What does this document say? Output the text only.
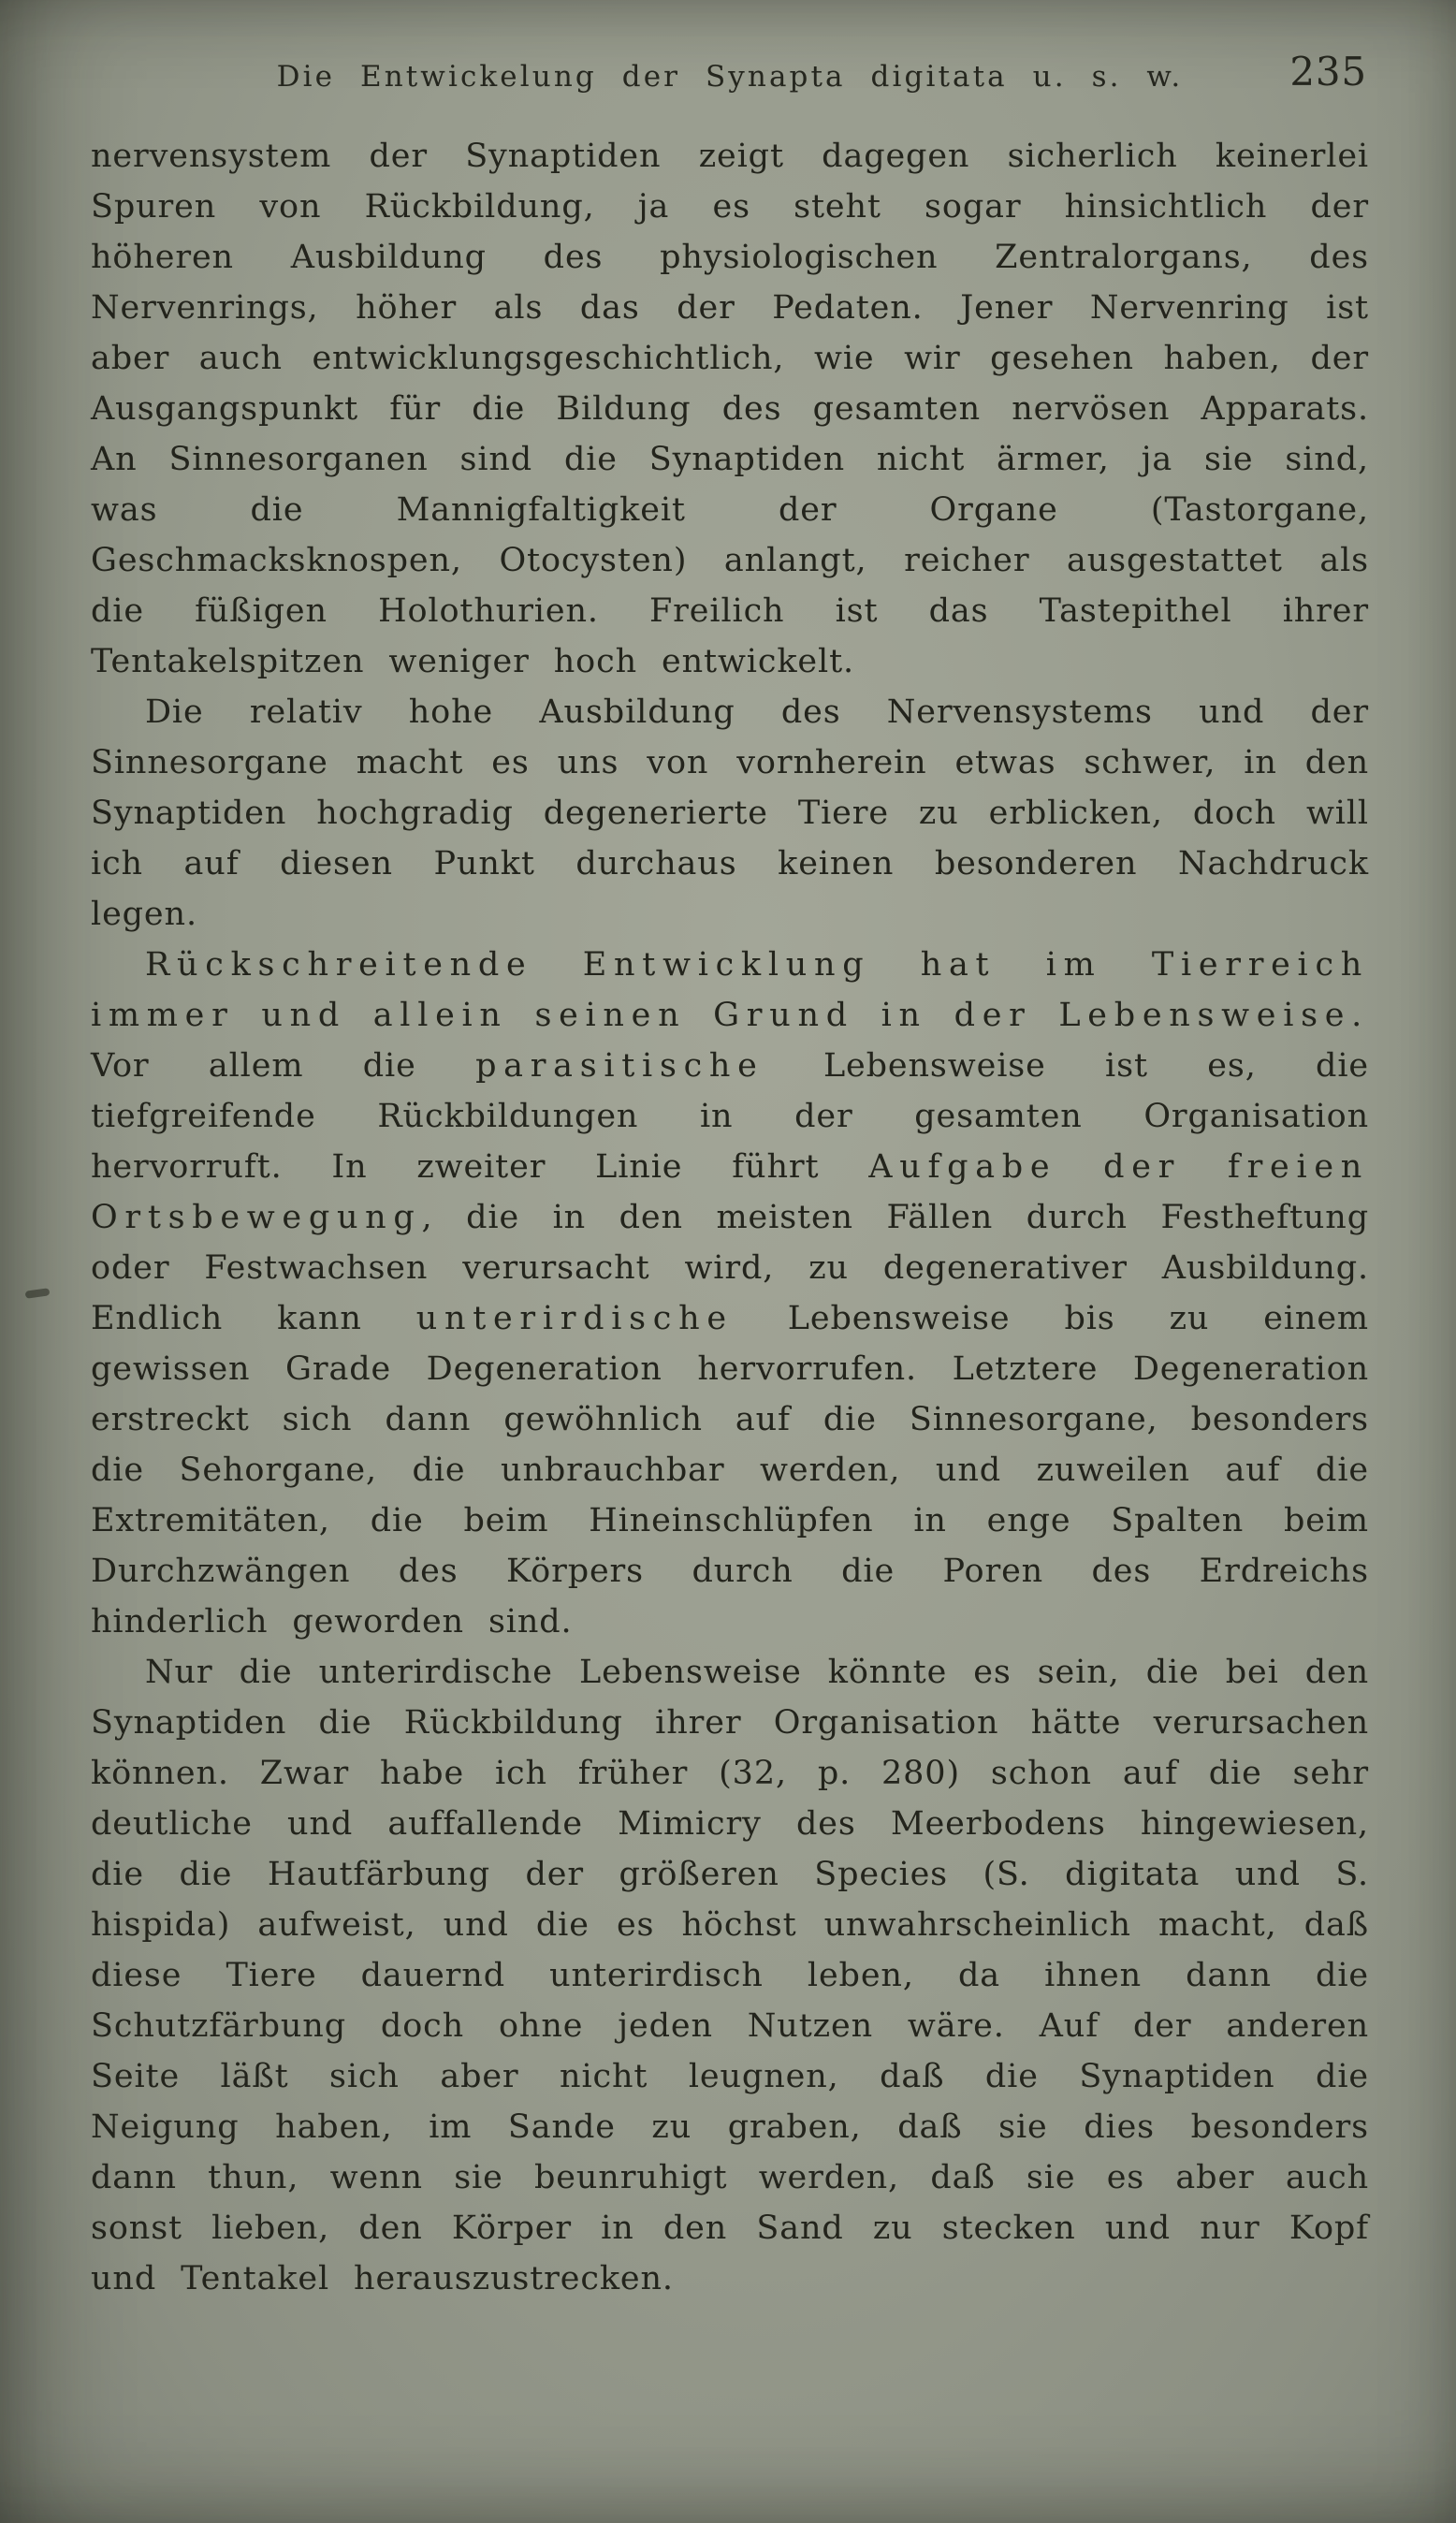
Die Entwickelung der Synapta digitata u. s. w.	235

nervensystem der Synaptiden zeigt dagegen sicherlich keinerlei Spuren von Rückbildung, ja es steht sogar hinsichtlich der höheren Ausbildung des physiologischen Zentralorgans, des Nervenrings, höher als das der Pedaten. Jener Nervenring ist aber auch entwicklungsgeschichtlich, wie wir gesehen haben, der Ausgangspunkt für die Bildung des gesamten nervösen Apparats. An Sinnesorganen sind die Synaptiden nicht ärmer, ja sie sind, was die Mannigfaltigkeit der Organe (Tastorgane, Geschmacksknospen, Otocysten) anlangt, reicher ausgestattet als die füßigen Holothurien. Freilich ist das Tastepithel ihrer Tentakelspitzen weniger hoch entwickelt.

Die relativ hohe Ausbildung des Nervensystems und der Sinnesorgane macht es uns von vornherein etwas schwer, in den Synaptiden hochgradig degenerierte Tiere zu erblicken, doch will ich auf diesen Punkt durchaus keinen besonderen Nachdruck legen.

Rückschreitende Entwicklung hat im Tierreich immer und allein seinen Grund in der Lebensweise. Vor allem die parasitische Lebensweise ist es, die tiefgreifende Rückbildungen in der gesamten Organisation hervorruft. In zweiter Linie führt Aufgabe der freien Ortsbewegung, die in den meisten Fällen durch Festheftung oder Festwachsen verursacht wird, zu degenerativer Ausbildung. Endlich kann unterirdische Lebensweise bis zu einem gewissen Grade Degeneration hervorrufen. Letztere Degeneration erstreckt sich dann gewöhnlich auf die Sinnesorgane, besonders die Sehorgane, die unbrauchbar werden, und zuweilen auf die Extremitäten, die beim Hineinschlüpfen in enge Spalten beim Durchzwängen des Körpers durch die Poren des Erdreichs hinderlich geworden sind.

Nur die unterirdische Lebensweise könnte es sein, die bei den Synaptiden die Rückbildung ihrer Organisation hätte verursachen können. Zwar habe ich früher (32, p. 280) schon auf die sehr deutliche und auffallende Mimicry des Meerbodens hingewiesen, die die Hautfärbung der größeren Species (S. digitata und S. hispida) aufweist, und die es höchst unwahrscheinlich macht, daß diese Tiere dauernd unterirdisch leben, da ihnen dann die Schutzfärbung doch ohne jeden Nutzen wäre. Auf der anderen Seite läßt sich aber nicht leugnen, daß die Synaptiden die Neigung haben, im Sande zu graben, daß sie dies besonders dann thun, wenn sie beunruhigt werden, daß sie es aber auch sonst lieben, den Körper in den Sand zu stecken und nur Kopf und Tentakel herauszustrecken.
